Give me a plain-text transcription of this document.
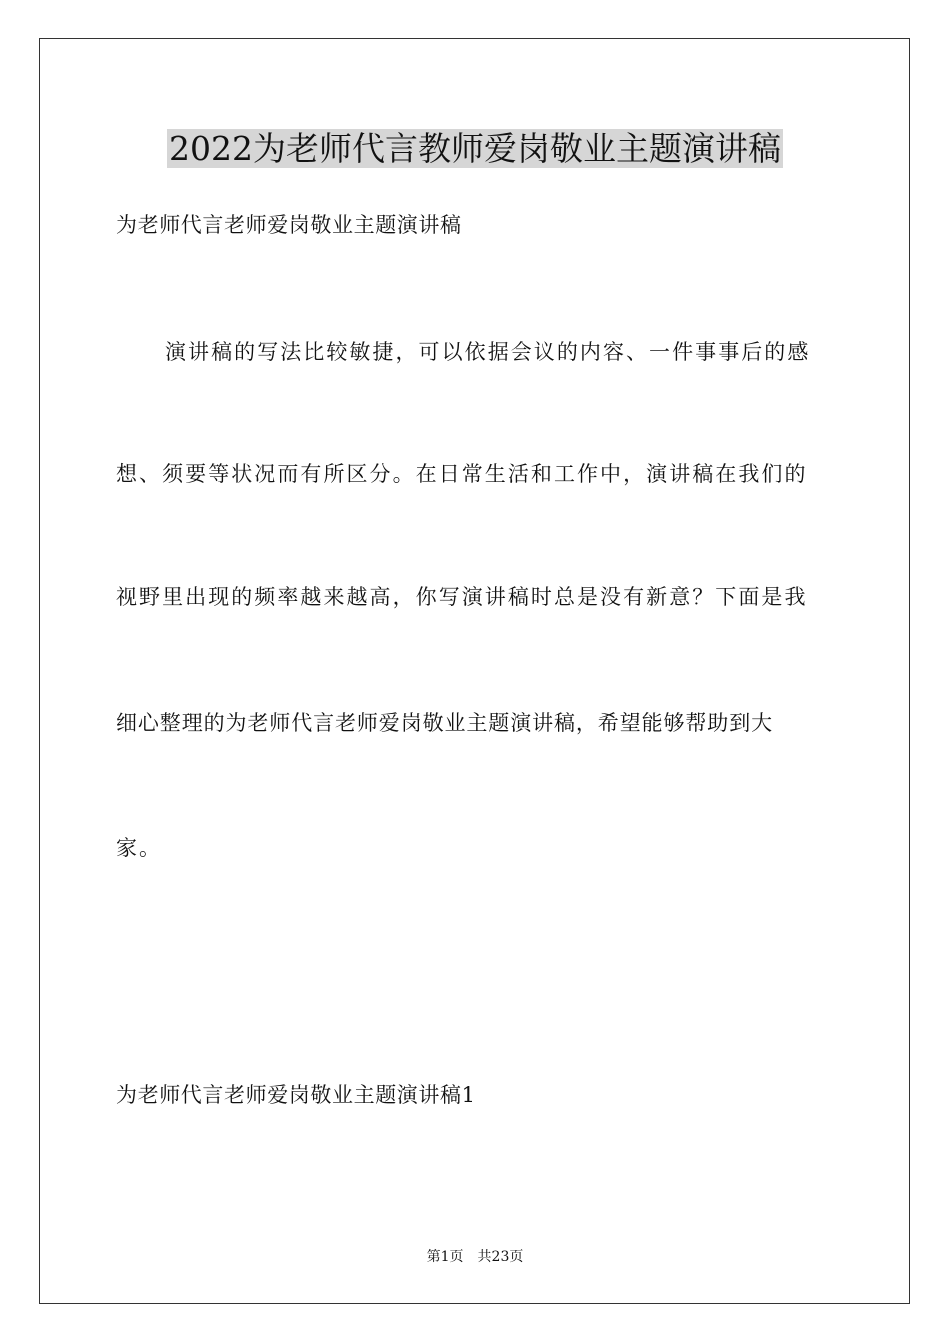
2022为老师代言教师爱岗敬业主题演讲稿
为老师代言老师爱岗敬业主题演讲稿
演讲稿的写法比较敏捷，可以依据会议的内容、一件事事后的感
想、须要等状况而有所区分。在日常生活和工作中，演讲稿在我们的
视野里出现的频率越来越高，你写演讲稿时总是没有新意？下面是我
细心整理的为老师代言老师爱岗敬业主题演讲稿，希望能够帮助到大
家。
为老师代言老师爱岗敬业主题演讲稿1
第1页 共23页
